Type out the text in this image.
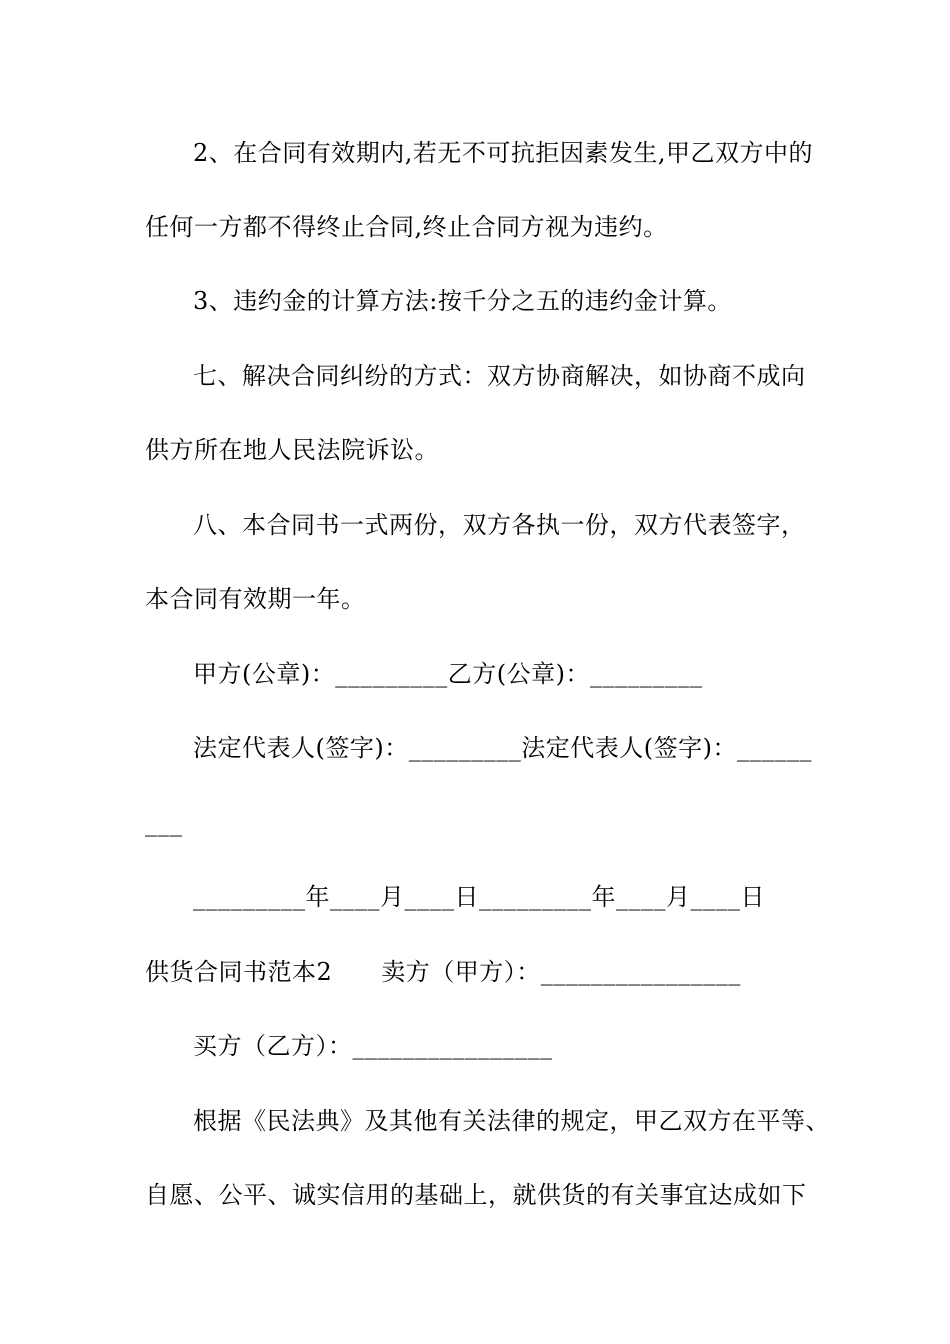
2、在合同有效期内,若无不可抗拒因素发生,甲乙双方中的
任何一方都不得终止合同,终止合同方视为违约。
3、违约金的计算方法:按千分之五的违约金计算。
七、解决合同纠纷的方式：双方协商解决，如协商不成向
供方所在地人民法院诉讼。
八、本合同书一式两份，双方各执一份，双方代表签字，
本合同有效期一年。
甲方(公章)：_________乙方(公章)：_________
法定代表人(签字)：_________法定代表人(签字)：______
___
_________年____月____日_________年____月____日
供货合同书范本2　　卖方（甲方）：________________
买方（乙方）：________________
根据《民法典》及其他有关法律的规定，甲乙双方在平等、
自愿、公平、诚实信用的基础上，就供货的有关事宜达成如下
